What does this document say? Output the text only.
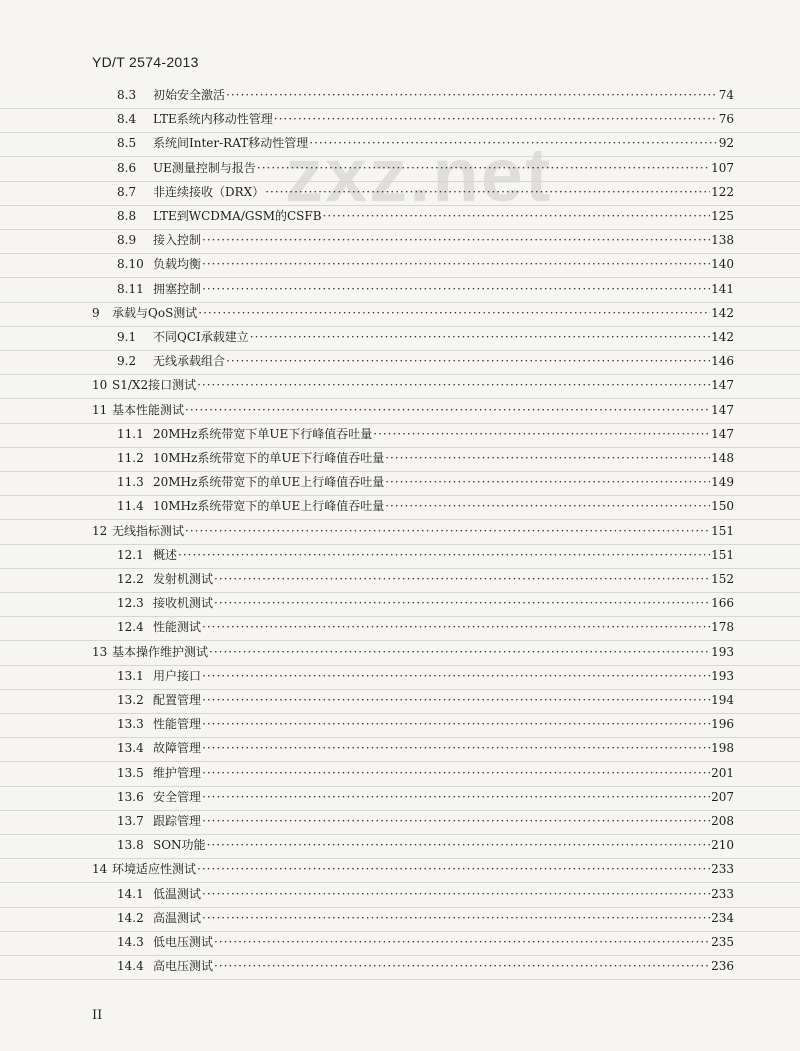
YD/T 2574-2013
zxz.net
8.3	初始安全激活 ·····	74
8.4	LTE系统内移动性管理 ·····	76
8.5	系统间Inter-RAT移动性管理 ·····	92
8.6	UE测量控制与报告 ·····	107
8.7	非连续接收（DRX） ·····	122
8.8	LTE到WCDMA/GSM的CSFB ·····	125
8.9	接入控制 ·····	138
8.10 负载均衡 ·····	140
8.11 拥塞控制 ·····	141
9	承载与QoS测试 ·····	142
9.1	不同QCI承载建立 ·····	142
9.2	无线承载组合 ·····	146
10 S1/X2接口测试 ·····	147
11 基本性能测试 ·····	147
11.1 20MHz系统带宽下单UE下行峰值吞吐量 ·····	147
11.2 10MHz系统带宽下的单UE下行峰值吞吐量 ·····	148
11.3 20MHz系统带宽下的单UE上行峰值吞吐量 ·····	149
11.4 10MHz系统带宽下的单UE上行峰值吞吐量 ·····	150
12 无线指标测试 ·····	151
12.1 概述 ·····	151
12.2 发射机测试 ·····	152
12.3 接收机测试 ·····	166
12.4 性能测试 ·····	178
13 基本操作维护测试 ·····	193
13.1 用户接口 ·····	193
13.2 配置管理 ·····	194
13.3 性能管理 ·····	196
13.4 故障管理 ·····	198
13.5 维护管理 ·····	201
13.6 安全管理 ·····	207
13.7 跟踪管理 ·····	208
13.8 SON功能 ·····	210
14 环境适应性测试 ·····	233
14.1 低温测试 ·····	233
14.2 高温测试 ·····	234
14.3 低电压测试 ·····	235
14.4 高电压测试 ·····	236
II
